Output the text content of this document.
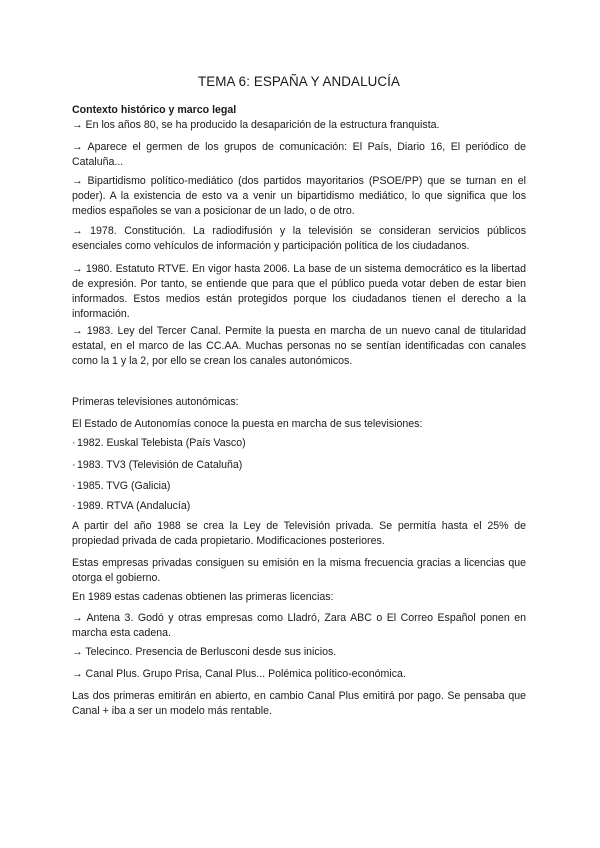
TEMA 6: ESPAÑA Y ANDALUCÍA
Contexto histórico y marco legal
→ En los años 80, se ha producido la desaparición de la estructura franquista.
→ Aparece el germen de los grupos de comunicación: El País, Diario 16, El periódico de Cataluña...
→ Bipartidismo político-mediático (dos partidos mayoritarios (PSOE/PP) que se turnan en el poder). A la existencia de esto va a venir un bipartidismo mediático, lo que significa que los medios españoles se van a posicionar de un lado, o de otro.
→ 1978. Constitución. La radiodifusión y la televisión se consideran servicios públicos esenciales como vehículos de información y participación política de los ciudadanos.
→ 1980. Estatuto RTVE. En vigor hasta 2006. La base de un sistema democrático es la libertad de expresión. Por tanto, se entiende que para que el público pueda votar deben de estar bien informados. Estos medios están protegidos porque los ciudadanos tienen el derecho a la información.
→ 1983. Ley del Tercer Canal. Permite la puesta en marcha de un nuevo canal de titularidad estatal, en el marco de las CC.AA. Muchas personas no se sentían identificadas con canales como la 1 y la 2, por ello se crean los canales autonómicos.
Primeras televisiones autonómicas:
El Estado de Autonomías conoce la puesta en marcha de sus televisiones:
·1982. Euskal Telebista (País Vasco)
·1983. TV3 (Televisión de Cataluña)
·1985. TVG (Galicia)
·1989. RTVA (Andalucía)
A partir del año 1988 se crea la Ley de Televisión privada. Se permitía hasta el 25% de propiedad privada de cada propietario. Modificaciones posteriores.
Estas empresas privadas consiguen su emisión en la misma frecuencia gracias a licencias que otorga el gobierno.
En 1989 estas cadenas obtienen las primeras licencias:
→ Antena 3. Godó y otras empresas como Lladró, Zara ABC o El Correo Español ponen en marcha esta cadena.
→ Telecinco. Presencia de Berlusconi desde sus inicios.
→ Canal Plus. Grupo Prisa, Canal Plus... Polémica político-económica.
Las dos primeras emitirán en abierto, en cambio Canal Plus emitirá por pago. Se pensaba que Canal + iba a ser un modelo más rentable.
